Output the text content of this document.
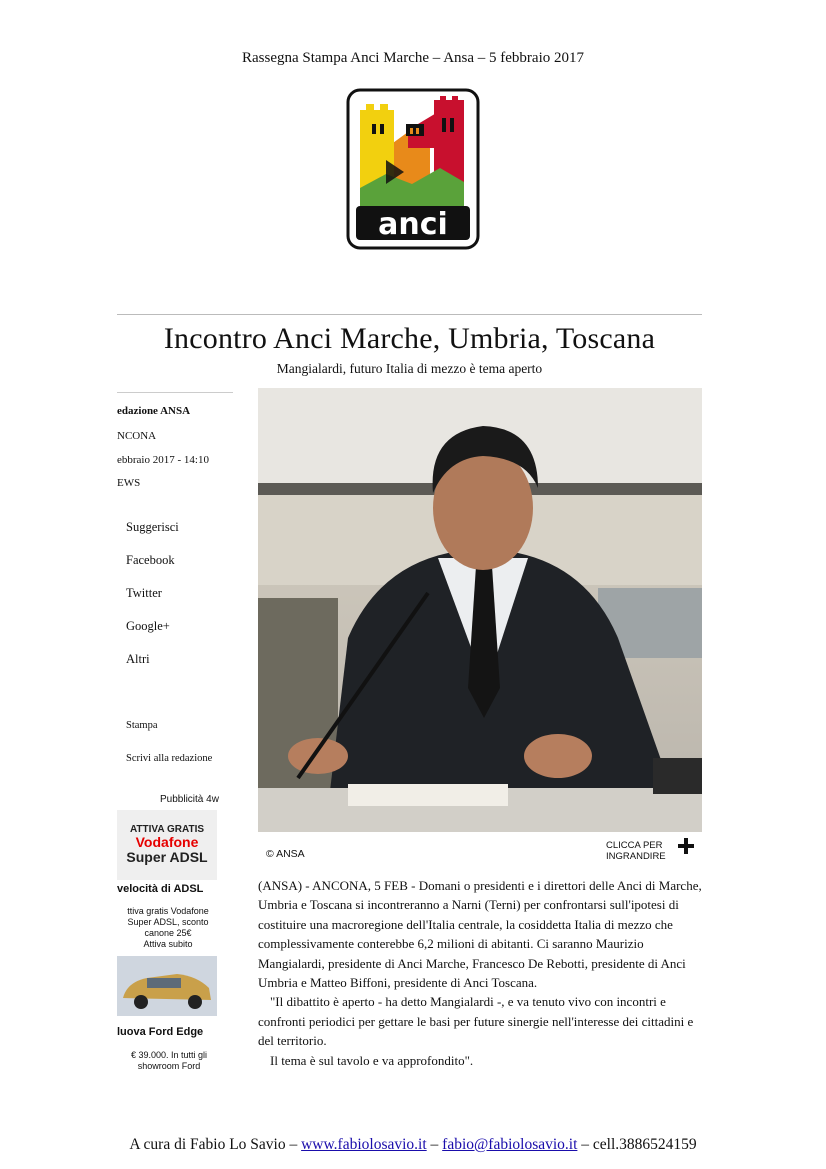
Rassegna Stampa Anci Marche – Ansa – 5 febbraio 2017
anci
Incontro Anci Marche, Umbria, Toscana
Mangialardi, futuro Italia di mezzo è tema aperto
edazione ANSA
NCONA
ebbraio 2017 - 14:10
EWS
Suggerisci
Facebook
Twitter
Google+
Altri
Stampa
Scrivi alla redazione
© ANSA
CLICCA PER INGRANDIRE

(ANSA) - ANCONA, 5 FEB - Domani o presidenti e i direttori delle Anci di Marche, Umbria e Toscana si incontreranno a Narni (Terni) per confrontarsi sull'ipotesi di costituire una macroregione dell'Italia centrale, la cosiddetta Italia di mezzo che complessivamente conterebbe 6,2 milioni di abitanti. Ci saranno Maurizio Mangialardi, presidente di Anci Marche, Francesco De Rebotti, presidente di Anci Umbria e Matteo Biffoni, presidente di Anci Toscana.

"Il dibattito è aperto - ha detto Mangialardi -, e va tenuto vivo con incontri e confronti periodici per gettare le basi per future sinergie nell'interesse dei cittadini e del territorio.

Il tema è sul tavolo e va approfondito".

Pubblicità 4w
ATTIVA GRATIS
Vodafone
Super ADSL
velocità di ADSL
ttiva gratis Vodafone
Super ADSL, sconto
canone 25€
Attiva subito
luova Ford Edge
€ 39.000. In tutti gli
showroom Ford
A cura di Fabio Lo Savio – www.fabiolosavio.it – fabio@fabiolosavio.it – cell.3886524159
